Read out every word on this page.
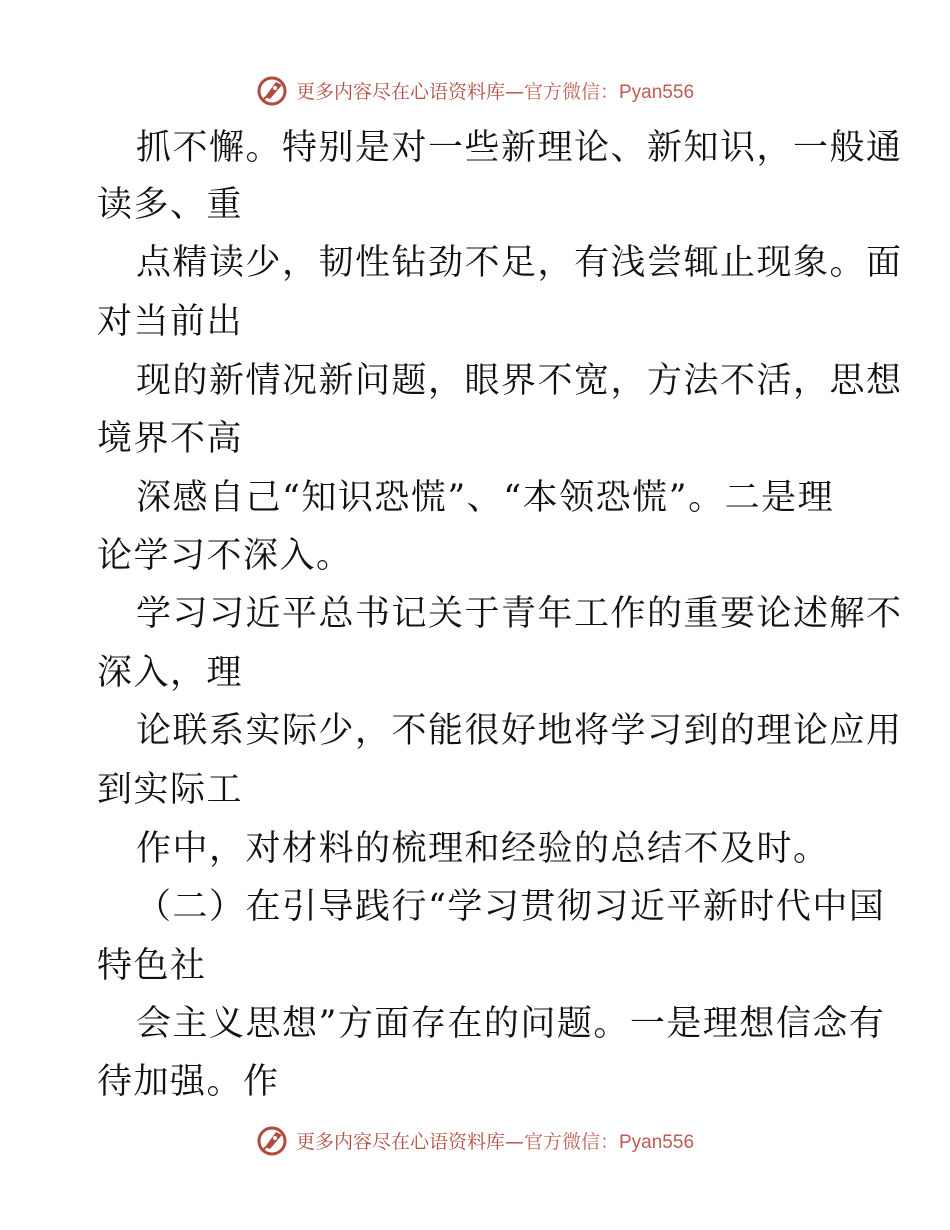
更多内容尽在心语资料库—官方微信：Pyan556
抓不懈。特别是对一些新理论、新知识，一般通
读多、重
点精读少，韧性钻劲不足，有浅尝辄止现象。面
对当前出
现的新情况新问题，眼界不宽，方法不活，思想
境界不高
深感自己“知识恐慌”、“本领恐慌”。二是理
论学习不深入。
学习习近平总书记关于青年工作的重要论述解不
深入，理
论联系实际少，不能很好地将学习到的理论应用
到实际工
作中，对材料的梳理和经验的总结不及时。
（二）在引导践行“学习贯彻习近平新时代中国
特色社
会主义思想”方面存在的问题。一是理想信念有
待加强。作
更多内容尽在心语资料库—官方微信：Pyan556
